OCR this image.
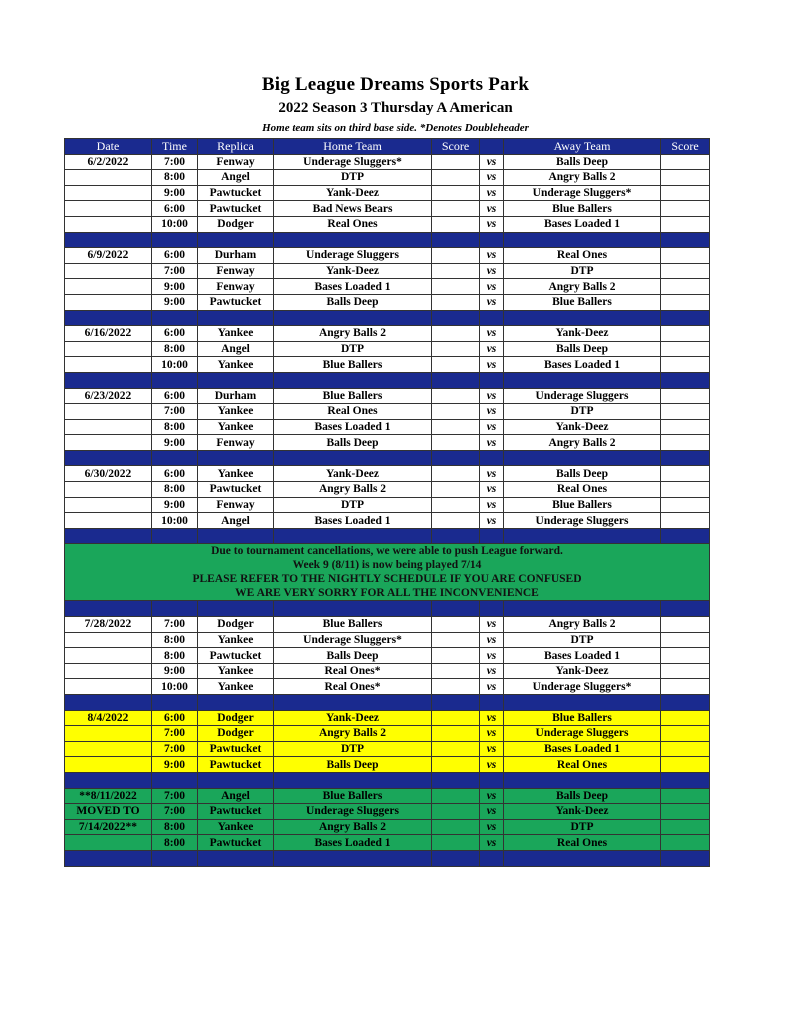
Big League Dreams Sports Park
2022 Season 3 Thursday A American
Home team sits on third base side. *Denotes Doubleheader
Date	Time	Replica	Home Team	Score		Away Team	Score
6/2/2022	7:00	Fenway	Underage Sluggers*		vs	Balls Deep	
	8:00	Angel	DTP		vs	Angry Balls 2	
	9:00	Pawtucket	Yank-Deez		vs	Underage Sluggers*	
	6:00	Pawtucket	Bad News Bears		vs	Blue Ballers	
	10:00	Dodger	Real Ones		vs	Bases Loaded 1	

6/9/2022	6:00	Durham	Underage Sluggers		vs	Real Ones	
	7:00	Fenway	Yank-Deez		vs	DTP	
	9:00	Fenway	Bases Loaded 1		vs	Angry Balls 2	
	9:00	Pawtucket	Balls Deep		vs	Blue Ballers	

6/16/2022	6:00	Yankee	Angry Balls 2		vs	Yank-Deez	
	8:00	Angel	DTP		vs	Balls Deep	
	10:00	Yankee	Blue Ballers		vs	Bases Loaded 1	

6/23/2022	6:00	Durham	Blue Ballers		vs	Underage Sluggers	
	7:00	Yankee	Real Ones		vs	DTP	
	8:00	Yankee	Bases Loaded 1		vs	Yank-Deez	
	9:00	Fenway	Balls Deep		vs	Angry Balls 2	

6/30/2022	6:00	Yankee	Yank-Deez		vs	Balls Deep	
	8:00	Pawtucket	Angry Balls 2		vs	Real Ones	
	9:00	Fenway	DTP		vs	Blue Ballers	
	10:00	Angel	Bases Loaded 1		vs	Underage Sluggers	

Due to tournament cancellations, we were able to push League forward.
Week 9 (8/11) is now being played 7/14
PLEASE REFER TO THE NIGHTLY SCHEDULE IF YOU ARE CONFUSED
WE ARE VERY SORRY FOR ALL THE INCONVENIENCE							

7/28/2022	7:00	Dodger	Blue Ballers		vs	Angry Balls 2	
	8:00	Yankee	Underage Sluggers*		vs	DTP	
	8:00	Pawtucket	Balls Deep		vs	Bases Loaded 1	
	9:00	Yankee	Real Ones*		vs	Yank-Deez	
	10:00	Yankee	Real Ones*		vs	Underage Sluggers*	

8/4/2022	6:00	Dodger	Yank-Deez		vs	Blue Ballers	
	7:00	Dodger	Angry Balls 2		vs	Underage Sluggers	
	7:00	Pawtucket	DTP		vs	Bases Loaded 1	
	9:00	Pawtucket	Balls Deep		vs	Real Ones	

**8/11/2022	7:00	Angel	Blue Ballers		vs	Balls Deep	
MOVED TO	7:00	Pawtucket	Underage Sluggers		vs	Yank-Deez	
7/14/2022**	8:00	Yankee	Angry Balls 2		vs	DTP	
	8:00	Pawtucket	Bases Loaded 1		vs	Real Ones	
